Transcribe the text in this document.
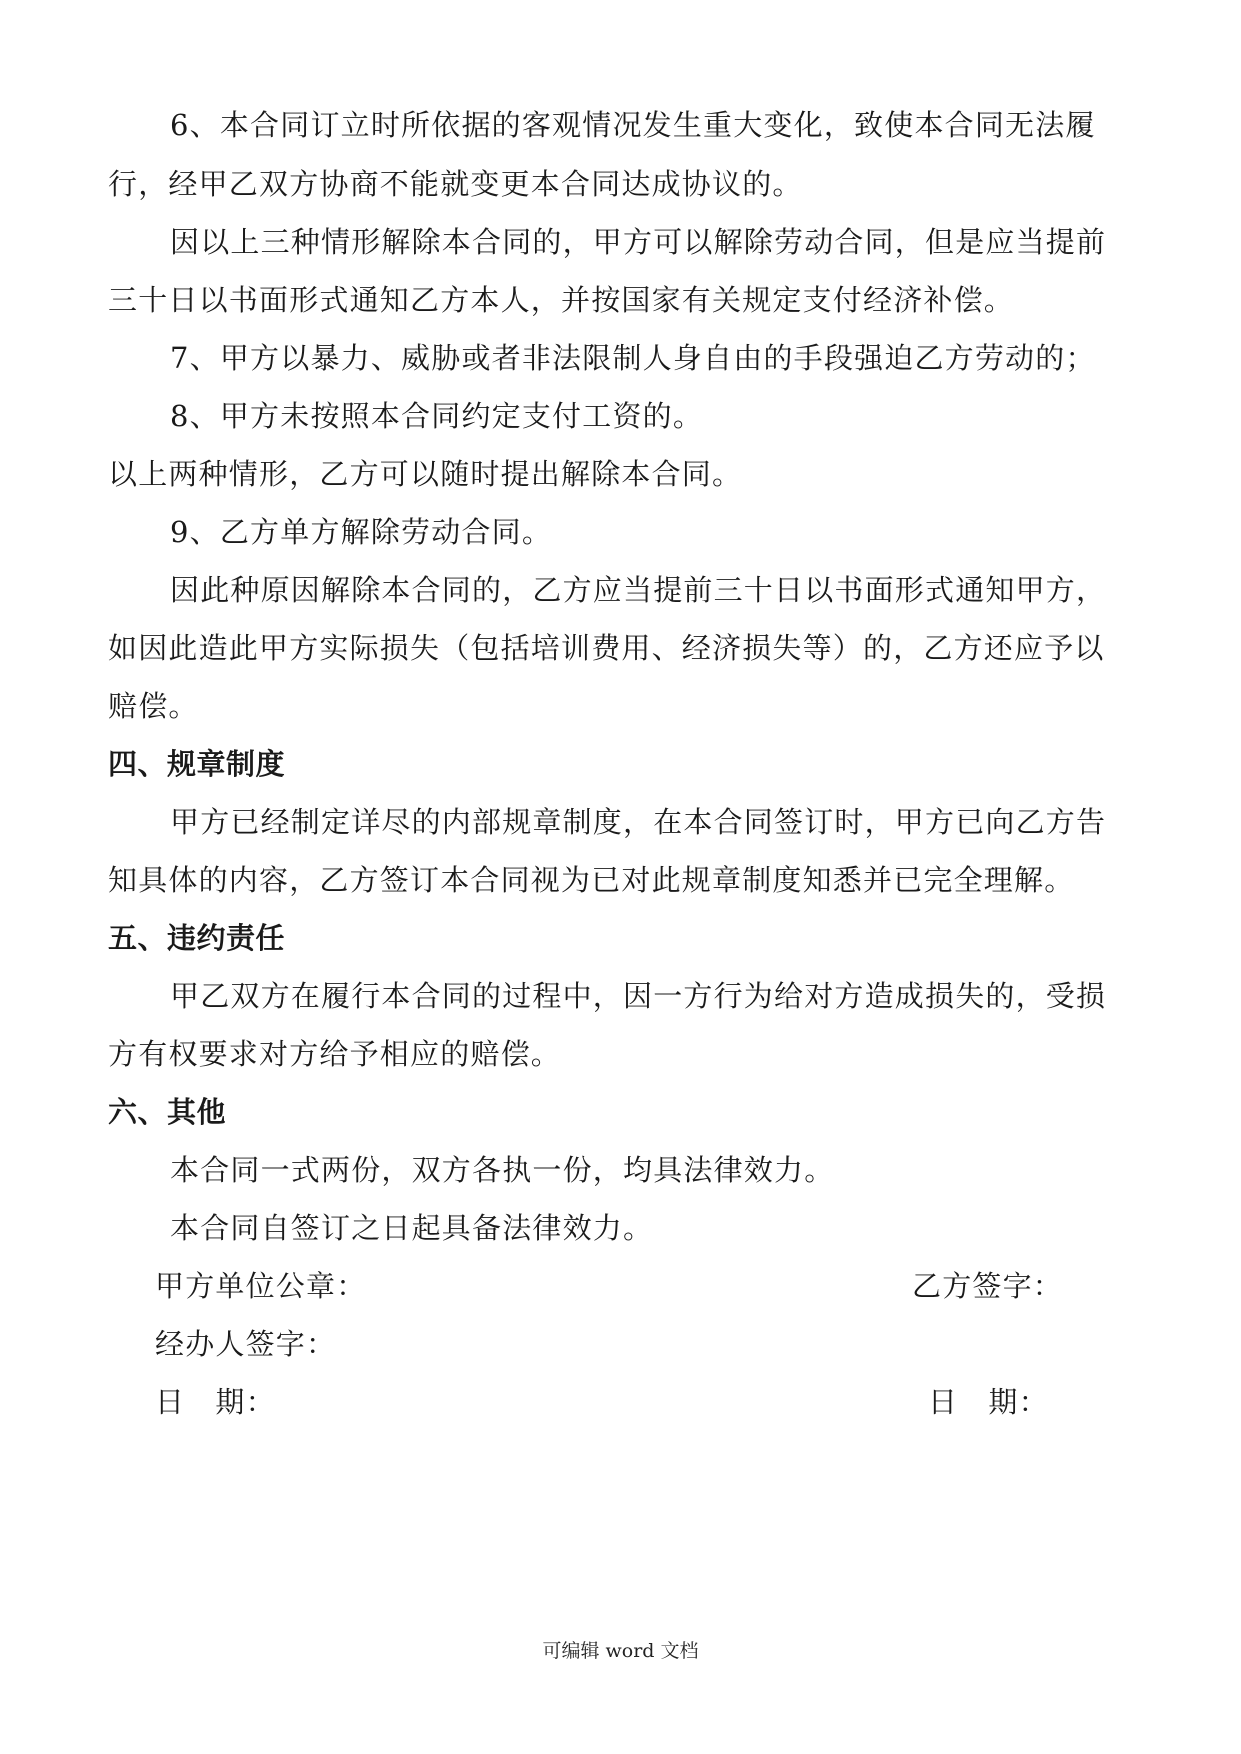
6、本合同订立时所依据的客观情况发生重大变化，致使本合同无法履
行，经甲乙双方协商不能就变更本合同达成协议的。
因以上三种情形解除本合同的，甲方可以解除劳动合同，但是应当提前
三十日以书面形式通知乙方本人，并按国家有关规定支付经济补偿。
7、甲方以暴力、威胁或者非法限制人身自由的手段强迫乙方劳动的；
8、甲方未按照本合同约定支付工资的。
以上两种情形，乙方可以随时提出解除本合同。
9、乙方单方解除劳动合同。
因此种原因解除本合同的，乙方应当提前三十日以书面形式通知甲方，
如因此造此甲方实际损失（包括培训费用、经济损失等）的，乙方还应予以
赔偿。
四、规章制度
甲方已经制定详尽的内部规章制度，在本合同签订时，甲方已向乙方告
知具体的内容，乙方签订本合同视为已对此规章制度知悉并已完全理解。
五、违约责任
甲乙双方在履行本合同的过程中，因一方行为给对方造成损失的，受损
方有权要求对方给予相应的赔偿。
六、其他
本合同一式两份，双方各执一份，均具法律效力。
本合同自签订之日起具备法律效力。
甲方单位公章：	乙方签字：
经办人签字：
日　期：	日　期：
可编辑 word 文档
